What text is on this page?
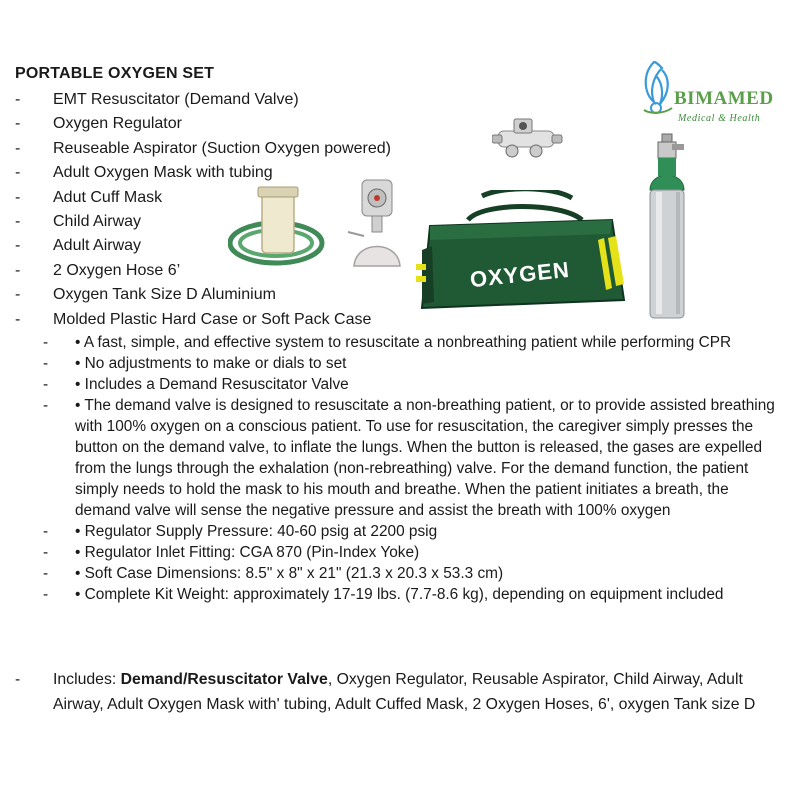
PORTABLE OXYGEN SET
- EMT Resuscitator (Demand Valve)

- Oxygen Regulator

- Reuseable Aspirator (Suction Oxygen powered)

- Adult Oxygen Mask with tubing

- Adut Cuff Mask

- Child Airway

- Adult Airway

- 2 Oxygen Hose 6’

- Oxygen Tank Size D Aluminium

- Molded Plastic Hard Case or Soft Pack Case

- • A fast, simple, and effective system to resuscitate a nonbreathing patient while performing CPR
- • No adjustments to make or dials to set
- • Includes a Demand Resuscitator Valve
- • The demand valve is designed to resuscitate a non-breathing patient, or to provide assisted breathing with 100% oxygen on a conscious patient. To use for resuscitation, the caregiver simply presses the button on the demand valve, to inflate the lungs. When the button is released, the gases are expelled from the lungs through the exhalation (non-rebreathing) valve. For the demand function, the patient simply needs to hold the mask to his mouth and breathe. When the patient initiates a breath, the demand valve will sense the negative pressure and assist the breath with 100% oxygen
- • Regulator Supply Pressure: 40-60 psig at 2200 psig
- • Regulator Inlet Fitting: CGA 870 (Pin-Index Yoke)
- • Soft Case Dimensions: 8.5" x 8" x 21" (21.3 x 20.3 x 53.3 cm)
- • Complete Kit Weight: approximately 17-19 lbs. (7.7-8.6 kg), depending on equipment included
-	Includes: Demand/Resuscitator Valve, Oxygen Regulator, Reusable Aspirator, Child Airway, Adult Airway, Adult Oxygen Mask with' tubing, Adult Cuffed Mask, 2 Oxygen Hoses, 6', oxygen Tank size D
BIMAMED
Medical & Health
OXYGEN
